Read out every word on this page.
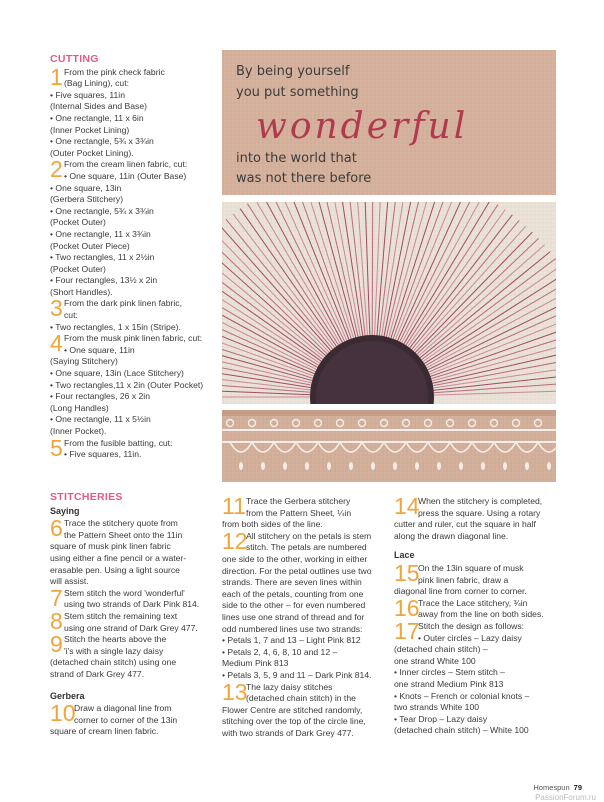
CUTTING
1 From the pink check fabric
(Bag Lining), cut:
• Five squares, 11in
(Internal Sides and Base)
• One rectangle, 11 x 6in
(Inner Pocket Lining)
• One rectangle, 5¾ x 3¾in
(Outer Pocket Lining).
2 From the cream linen fabric, cut:
• One square, 11in (Outer Base)
• One square, 13in
(Gerbera Stitchery)
• One rectangle, 5¾ x 3¾in
(Pocket Outer)
• One rectangle, 11 x 3¾in
(Pocket Outer Piece)
• Two rectangles, 11 x 2½in
(Pocket Outer)
• Four rectangles, 13½ x 2in
(Short Handles).
3 From the dark pink linen fabric,
cut:
• Two rectangles, 1 x 15in (Stripe).
4 From the musk pink linen fabric, cut:
• One square, 11in
(Saying Stitchery)
• One square, 13in (Lace Stitchery)
• Two rectangles,11 x 2in (Outer Pocket)
• Four rectangles, 26 x 2in
(Long Handles)
• One rectangle, 11 x 5½in
(Inner Pocket).
5 From the fusible batting, cut:
• Five squares, 11in.
STITCHERIES
Saying
6 Trace the stitchery quote from
the Pattern Sheet onto the 11in
square of musk pink linen fabric
using either a fine pencil or a water-
erasable pen. Using a light source
will assist.
7 Stem stitch the word 'wonderful'
using two strands of Dark Pink 814.
8 Stem stitch the remaining text
using one strand of Dark Grey 477.
9 Stitch the hearts above the
'i's with a single lazy daisy
(detached chain stitch) using one
strand of Dark Grey 477.
Gerbera
10
Draw a diagonal line from
corner to corner of the 13in
square of cream linen fabric.
11 Trace the Gerbera stitchery
from the Pattern Sheet, ¼in
from both sides of the line.
12
All stitchery on the petals is stem
stitch. The petals are numbered
one side to the other, working in either
direction. For the petal outlines use two
strands. There are seven lines within
each of the petals, counting from one
side to the other – for even numbered
lines use one strand of thread and for
odd numbered lines use two strands:
• Petals 1, 7 and 13 – Light Pink 812
• Petals 2, 4, 6, 8, 10 and 12 –
Medium Pink 813
• Petals 3, 5, 9 and 11 – Dark Pink 814.
13
The lazy daisy stitches
(detached chain stitch) in the
Flower Centre are stitched randomly,
stitching over the top of the circle line,
with two strands of Dark Grey 477.
14
When the stitchery is completed,
press the square. Using a rotary
cutter and ruler, cut the square in half
along the drawn diagonal line.
Lace
15
On the 13in square of musk
pink linen fabric, draw a
diagonal line from corner to corner.
16
Trace the Lace stitchery, ¾in
away from the line on both sides.
17
Stitch the design as follows:
• Outer circles – Lazy daisy
(detached chain stitch) –
one strand White 100
• Inner circles – Stem stitch –
one strand Medium Pink 813
• Knots – French or colonial knots –
two strands White 100
• Tear Drop – Lazy daisy
(detached chain stitch) – White 100
By being yourself
you put something
wonderful
into the world that
was not there before
Homespun 79
PassionForum.ru
